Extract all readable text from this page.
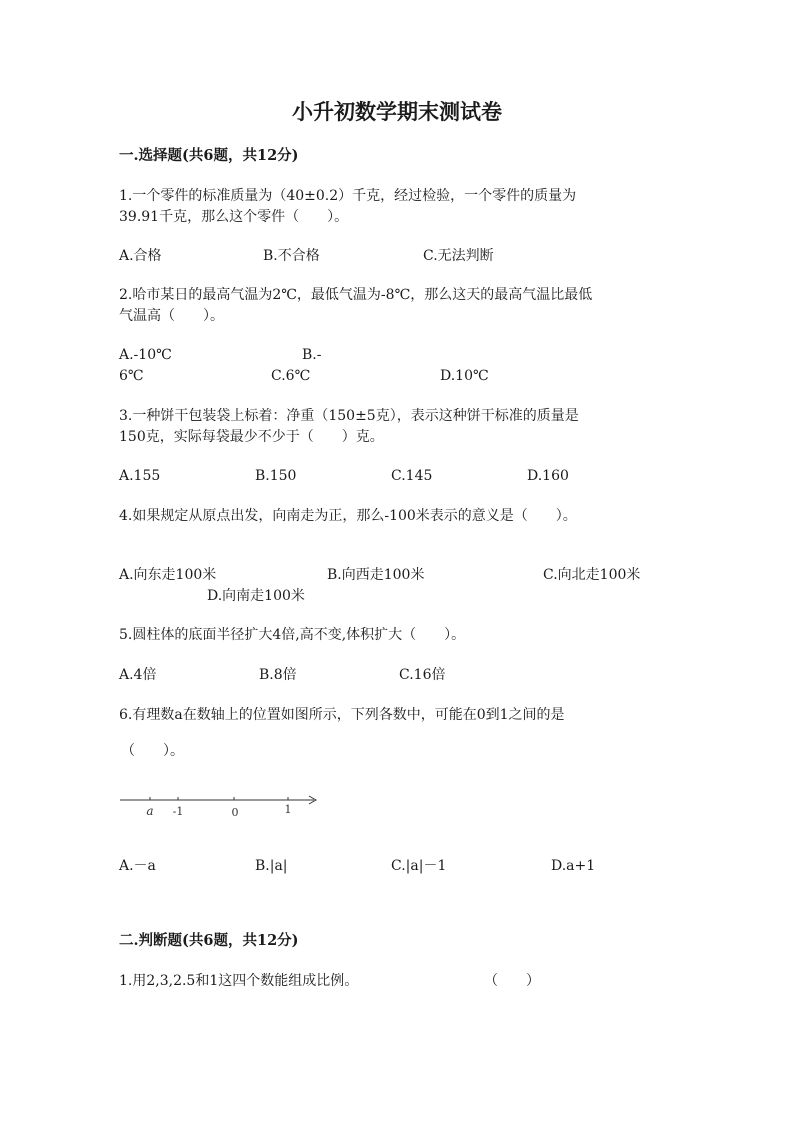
小升初数学期末测试卷
一.选择题(共6题，共12分)
1.一个零件的标准质量为（40±0.2）千克，经过检验，一个零件的质量为
39.91千克，那么这个零件（　　）。
A.合格	B.不合格	C.无法判断
2.哈市某日的最高气温为2℃，最低气温为-8℃，那么这天的最高气温比最低
气温高（　　）。
A.-10℃	B.-
6℃	C.6℃	D.10℃
3.一种饼干包装袋上标着：净重（150±5克），表示这种饼干标准的质量是
150克，实际每袋最少不少于（　　）克。
A.155	B.150	C.145	D.160
4.如果规定从原点出发，向南走为正，那么-100米表示的意义是（　　）。
A.向东走100米	B.向西走100米	C.向北走100米
D.向南走100米
5.圆柱体的底面半径扩大4倍,高不变,体积扩大（　　）。
A.4倍	B.8倍	C.16倍
6.有理数a在数轴上的位置如图所示，下列各数中，可能在0到1之间的是
（　　）。
a -1	0	1
A.－a	B.|a|	C.|a|－1	D.a+1
二.判断题(共6题，共12分)
1.用2,3,2.5和1这四个数能组成比例。	（　　）
